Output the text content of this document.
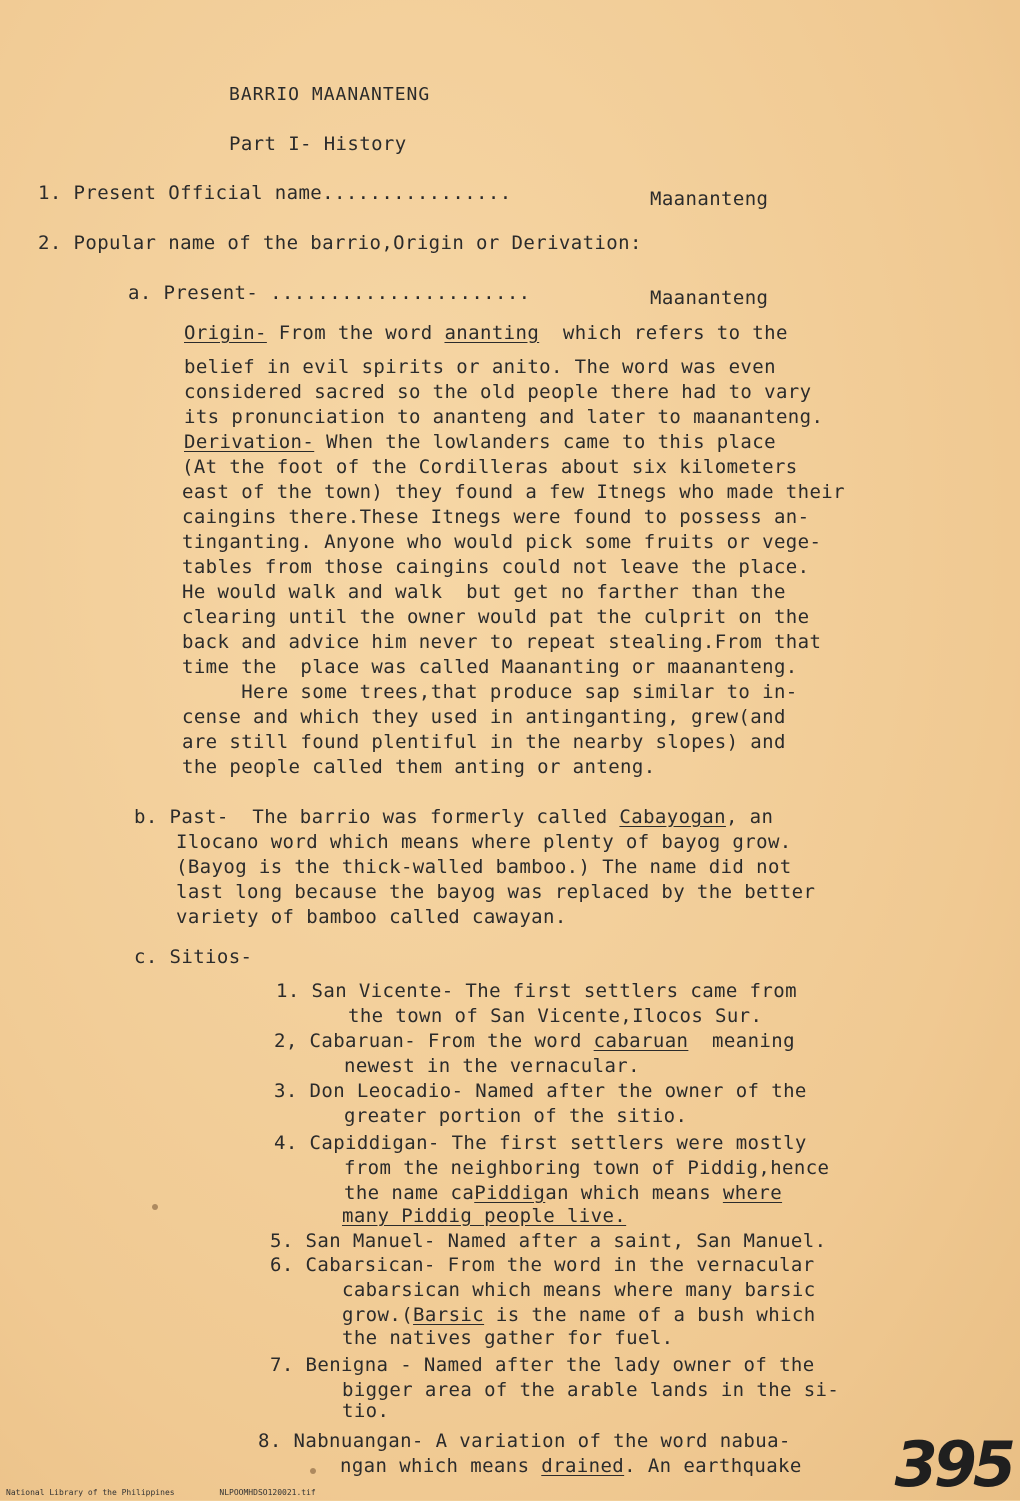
BARRIO MAANANTENG
Part I- History
1. Present Official name................	Maananteng
2. Popular name of the barrio,Origin or Derivation:
a. Present- ......................	Maananteng
Origin- From the word ananting  which refers to the
belief in evil spirits or anito. The word was even
considered sacred so the old people there had to vary
its pronunciation to ananteng and later to maananteng.
Derivation- When the lowlanders came to this place
(At the foot of the Cordilleras about six kilometers
east of the town) they found a few Itnegs who made their
caingins there.These Itnegs were found to possess an-
tinganting. Anyone who would pick some fruits or vege-
tables from those caingins could not leave the place.
He would walk and walk  but get no farther than the
clearing until the owner would pat the culprit on the
back and advice him never to repeat stealing.From that
time the  place was called Maananting or maananteng.
Here some trees,that produce sap similar to in-
cense and which they used in antinganting, grew(and
are still found plentiful in the nearby slopes) and
the people called them anting or anteng.
b. Past-  The barrio was formerly called Cabayogan, an
Ilocano word which means where plenty of bayog grow.
(Bayog is the thick-walled bamboo.) The name did not
last long because the bayog was replaced by the better
variety of bamboo called cawayan.
c. Sitios-
1. San Vicente- The first settlers came from
the town of San Vicente,Ilocos Sur.
2, Cabaruan- From the word cabaruan  meaning
newest in the vernacular.
3. Don Leocadio- Named after the owner of the
greater portion of the sitio.
4. Capiddigan- The first settlers were mostly
from the neighboring town of Piddig,hence
the name caPiddigan which means where
many Piddig people live.
5. San Manuel- Named after a saint, San Manuel.
6. Cabarsican- From the word in the vernacular
cabarsican which means where many barsic
grow.(Barsic is the name of a bush which
the natives gather for fuel.
7. Benigna - Named after the lady owner of the
bigger area of the arable lands in the si-
tio.
8. Nabnuangan- A variation of the word nabua-
ngan which means drained. An earthquake 395
National Library of the Philippines	NLPOOMHDSO120021.tif
